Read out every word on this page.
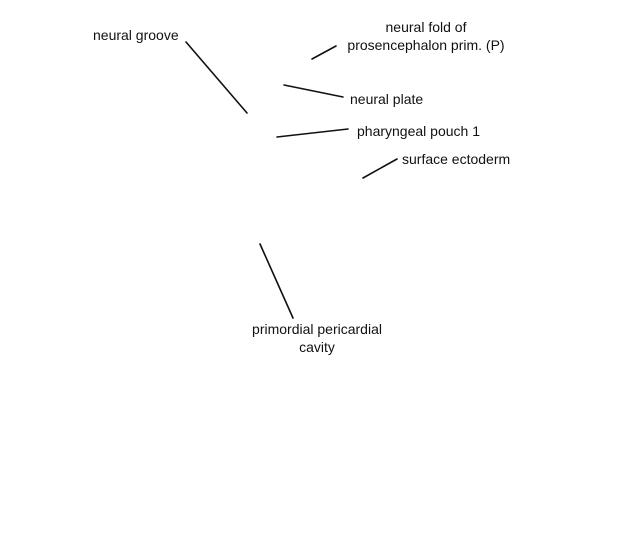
neural groove	neural fold of
prosencephalon prim. (P)
neural plate
pharyngeal pouch 1
surface ectoderm
primordial pericardial
cavity
